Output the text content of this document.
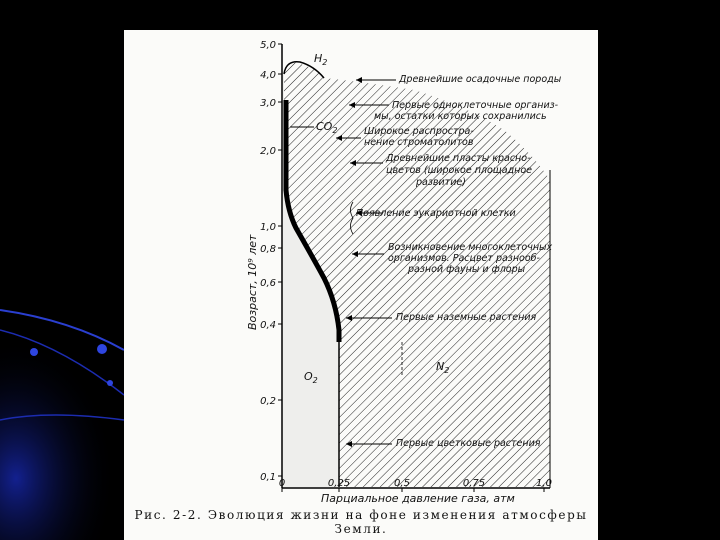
5,0
4,0
3,0
2,0
1,0
0,8
0,6
0,4
0,2
0,1
0	0,25	0,5	0,75	1,0
$H_2$
$CO_2$
$O_2$
$N_2$
Древнейшие осадочные породы
Первые одноклеточные организ-
мы, остатки которых сохранились
Широкое распростра-
нение строматолитов
Древнейшие пласты красно-
цветов (широкое площадное
развитие)
Появление эукариотной клетки
Возникновение многоклеточных
организмов. Расцвет разнооб-
разной фауны и флоры
Первые наземные растения
Первые цветковые растения
Возраст, 10⁹ лет
Парциальное давление газа, атм
Рис. 2-2. Эволюция жизни на фоне изменения атмосферы Земли.
